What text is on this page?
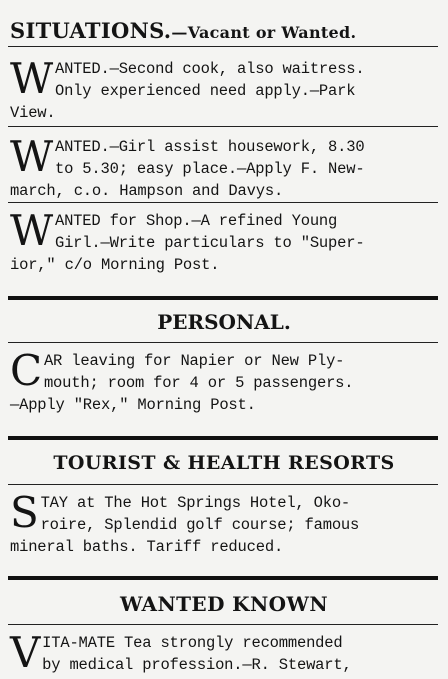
SITUATIONS.—Vacant or Wanted.
W ANTED.—Second cook, also waitress.
Only experienced need apply.—Park
View.
W ANTED.—Girl assist housework, 8.30
to 5.30; easy place.—Apply F. New-
march, c.o. Hampson and Davys.
W ANTED for Shop.—A refined Young
Girl.—Write particulars to "Super-
ior," c/o Morning Post.
PERSONAL.
C AR leaving for Napier or New Ply-
mouth; room for 4 or 5 passengers.
—Apply "Rex," Morning Post.
TOURIST & HEALTH RESORTS
S TAY at The Hot Springs Hotel, Oko-
roire, Splendid golf course; famous
mineral baths. Tariff reduced.
WANTED KNOWN
V ITA-MATE Tea strongly recommended
by medical profession.—R. Stewart,
